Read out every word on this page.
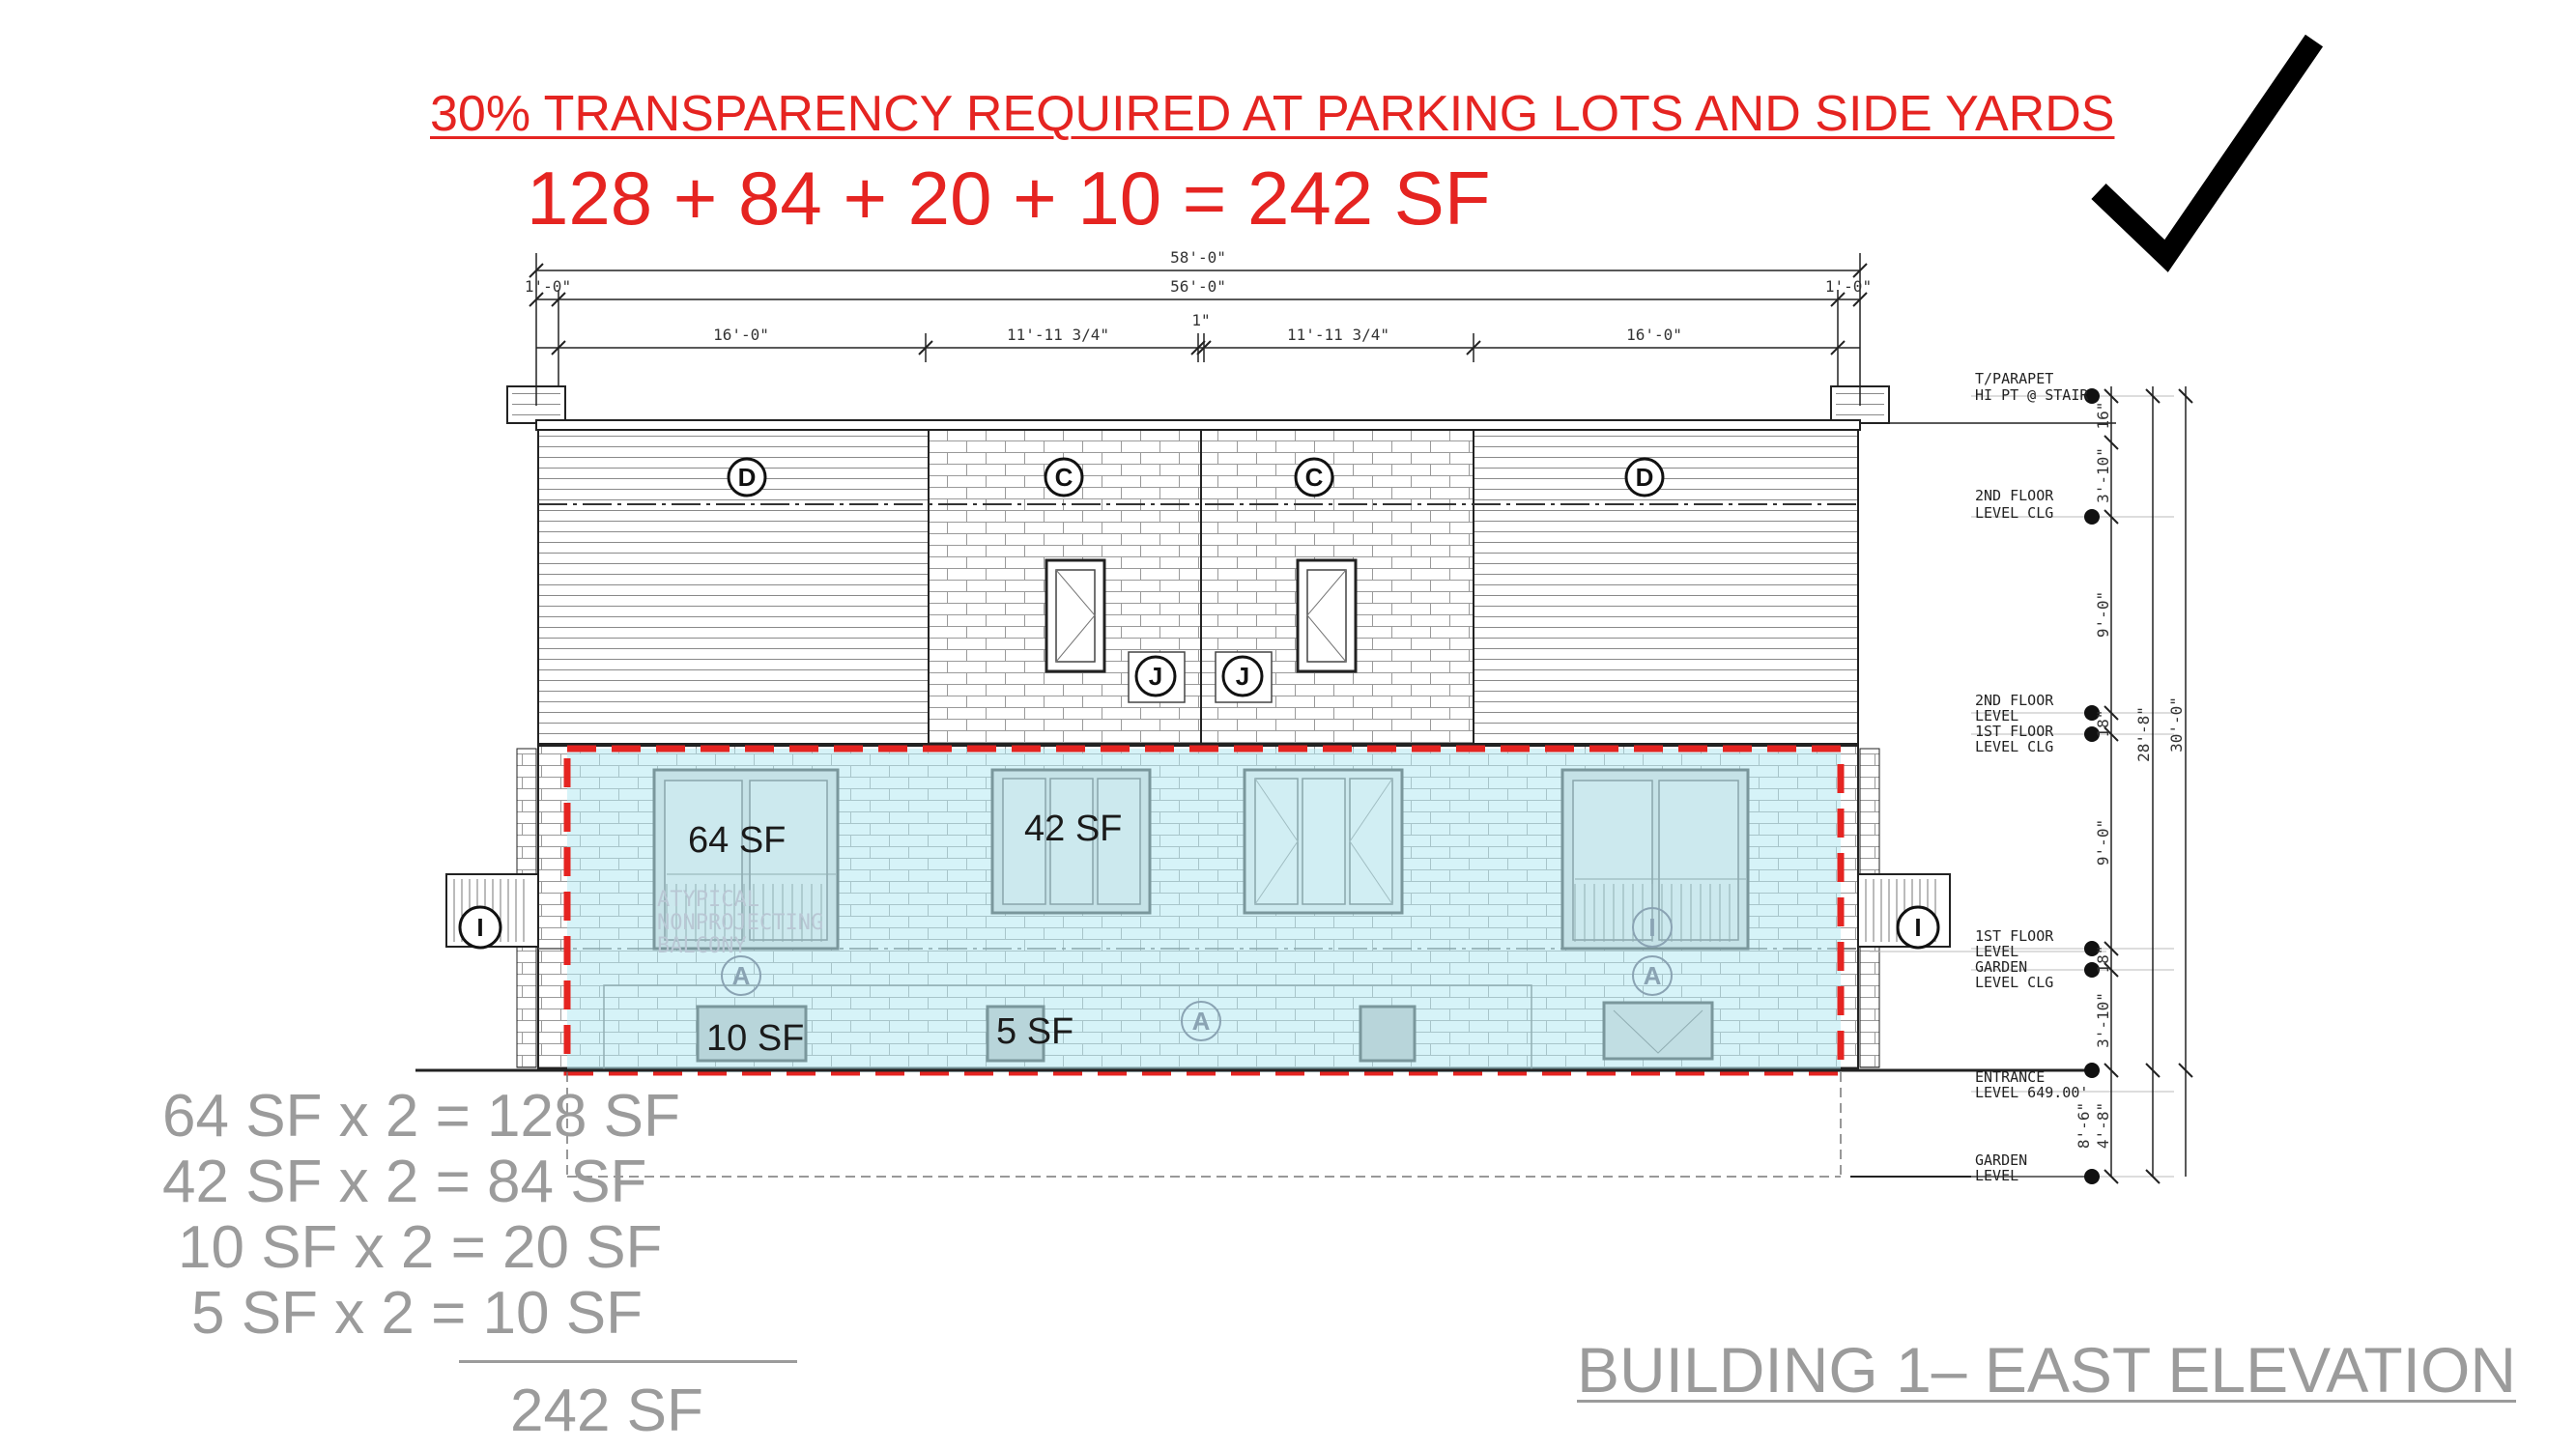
58'-0"
56'-0"
1'-0"	1'-0"
16'-0"	11'-11 3/4"
1"
11'-11 3/4"	16'-0"
D	C	C	D
J	J
I	I
I
A
A
A
ATYPICAL
NONPROJECTING
BALCONY
64 SF	42 SF
10 SF	5 SF
T/PARAPET
HI PT @ STAIR
2ND FLOOR
LEVEL CLG
2ND FLOOR
LEVEL
1ST FLOOR
LEVEL CLG
1ST FLOOR
LEVEL
GARDEN
LEVEL CLG
ENTRANCE
LEVEL 649.00'
GARDEN
LEVEL
16"
3'-10"
9'-0"
18"
9'-0"
18"
3'-10"
4'-8"
8'-6"
28'-8" 30'-0"
30% TRANSPARENCY REQUIRED AT PARKING LOTS AND SIDE YARDS
128 + 84 + 20 + 10 = 242 SF
64 SF x 2 = 128 SF
42 SF x 2 = 84 SF
10 SF x 2 = 20 SF
5 SF x 2 = 10 SF
242 SF
BUILDING 1– EAST ELEVATION
